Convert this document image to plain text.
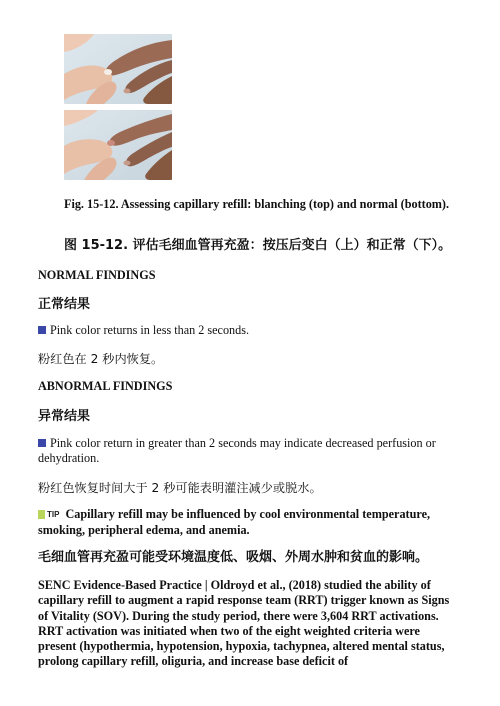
Fig. 15-12. Assessing capillary refill: blanching (top) and normal (bottom).
图 15-12. 评估毛细血管再充盈：按压后变白（上）和正常（下）。
NORMAL FINDINGS
正常结果
Pink color returns in less than 2 seconds.
粉红色在 2 秒内恢复。
ABNORMAL FINDINGS
异常结果
Pink color return in greater than 2 seconds may indicate decreased perfusion or dehydration.
粉红色恢复时间大于 2 秒可能表明灌注减少或脱水。
TIP Capillary refill may be influenced by cool environmental temperature, smoking, peripheral edema, and anemia.
毛细血管再充盈可能受环境温度低、吸烟、外周水肿和贫血的影响。
SENC Evidence-Based Practice | Oldroyd et al., (2018) studied the ability of capillary refill to augment a rapid response team (RRT) trigger known as Signs of Vitality (SOV). During the study period, there were 3,604 RRT activations. RRT activation was initiated when two of the eight weighted criteria were present (hypothermia, hypotension, hypoxia, tachypnea, altered mental status, prolong capillary refill, oliguria, and increase base deficit of
